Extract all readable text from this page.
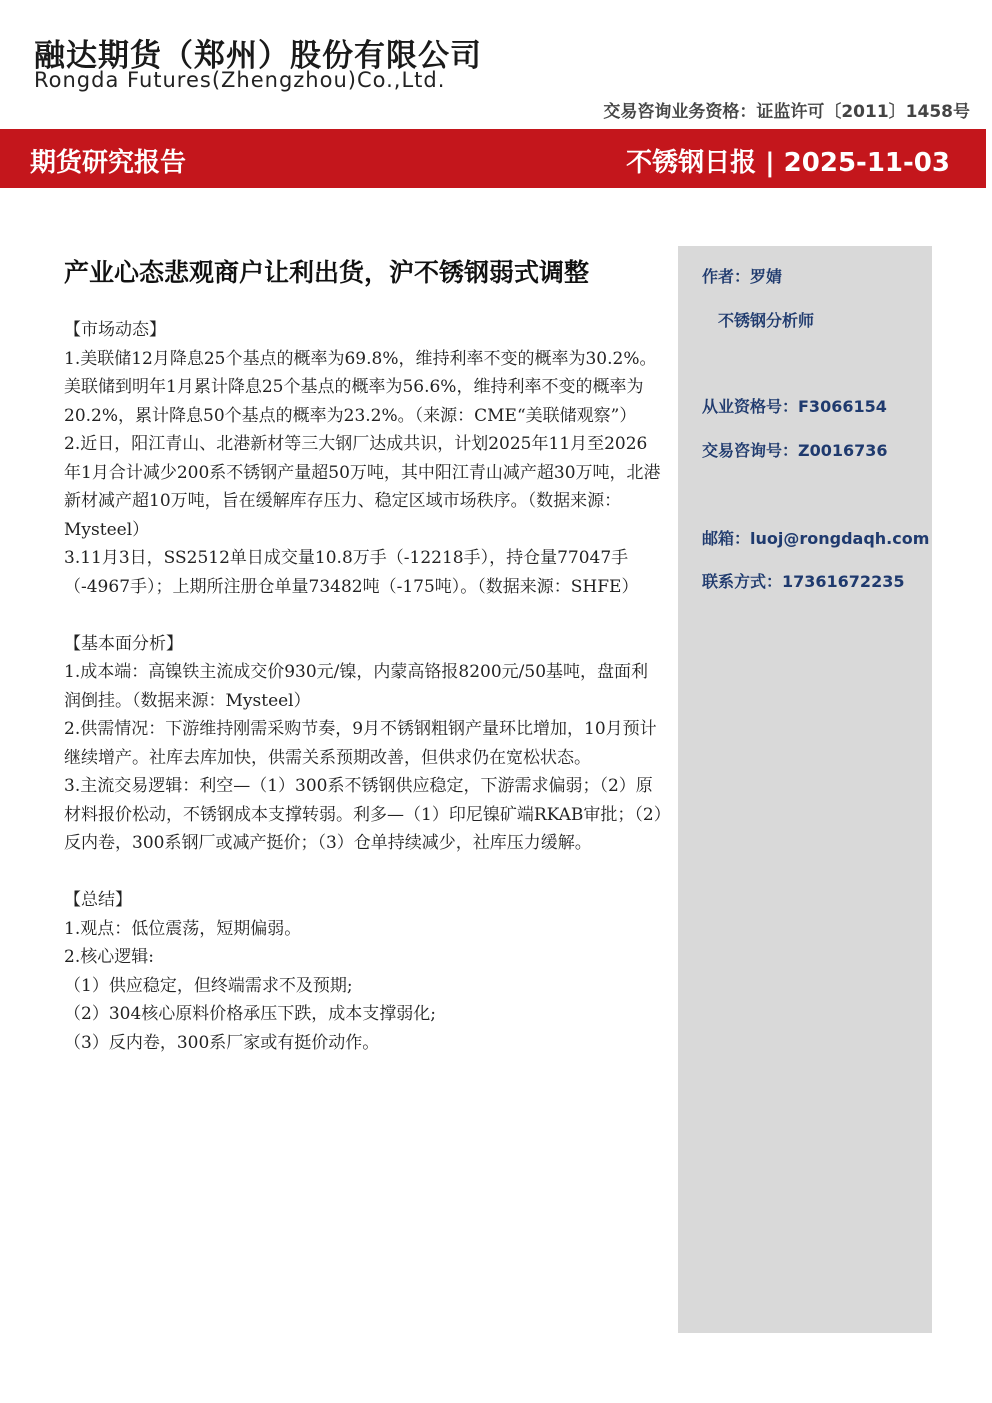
融达期货（郑州）股份有限公司
Rongda Futures(Zhengzhou)Co.,Ltd.
交易咨询业务资格：证监许可〔2011〕1458号
期货研究报告	不锈钢日报 | 2025-11-03
产业心态悲观商户让利出货，沪不锈钢弱式调整

【市场动态】

1.美联储12月降息25个基点的概率为69.8%，维持利率不变的概率为30.2%。美联储到明年1月累计降息25个基点的概率为56.6%，维持利率不变的概率为20.2%，累计降息50个基点的概率为23.2%。（来源：CME“美联储观察”）

2.近日，阳江青山、北港新材等三大钢厂达成共识，计划2025年11月至2026年1月合计减少200系不锈钢产量超50万吨，其中阳江青山减产超30万吨，北港新材减产超10万吨，旨在缓解库存压力、稳定区域市场秩序。（数据来源：Mysteel）

3.11月3日，SS2512单日成交量10.8万手（-12218手），持仓量77047手（-4967手）；上期所注册仓单量73482吨（-175吨）。（数据来源：SHFE）

【基本面分析】

1.成本端：高镍铁主流成交价930元/镍，内蒙高铬报8200元/50基吨，盘面利润倒挂。（数据来源：Mysteel）

2.供需情况：下游维持刚需采购节奏，9月不锈钢粗钢产量环比增加，10月预计继续增产。社库去库加快，供需关系预期改善，但供求仍在宽松状态。

3.主流交易逻辑：利空—（1）300系不锈钢供应稳定，下游需求偏弱；（2）原材料报价松动，不锈钢成本支撑转弱。利多—（1）印尼镍矿端RKAB审批；（2）反内卷，300系钢厂或减产挺价；（3）仓单持续减少，社库压力缓解。

【总结】

1.观点：低位震荡，短期偏弱。

2.核心逻辑:

（1）供应稳定，但终端需求不及预期;

（2）304核心原料价格承压下跌，成本支撑弱化;

（3）反内卷，300系厂家或有挺价动作。

作者：罗婧
不锈钢分析师
从业资格号：F3066154
交易咨询号：Z0016736
邮箱：luoj@rongdaqh.com
联系方式：17361672235
